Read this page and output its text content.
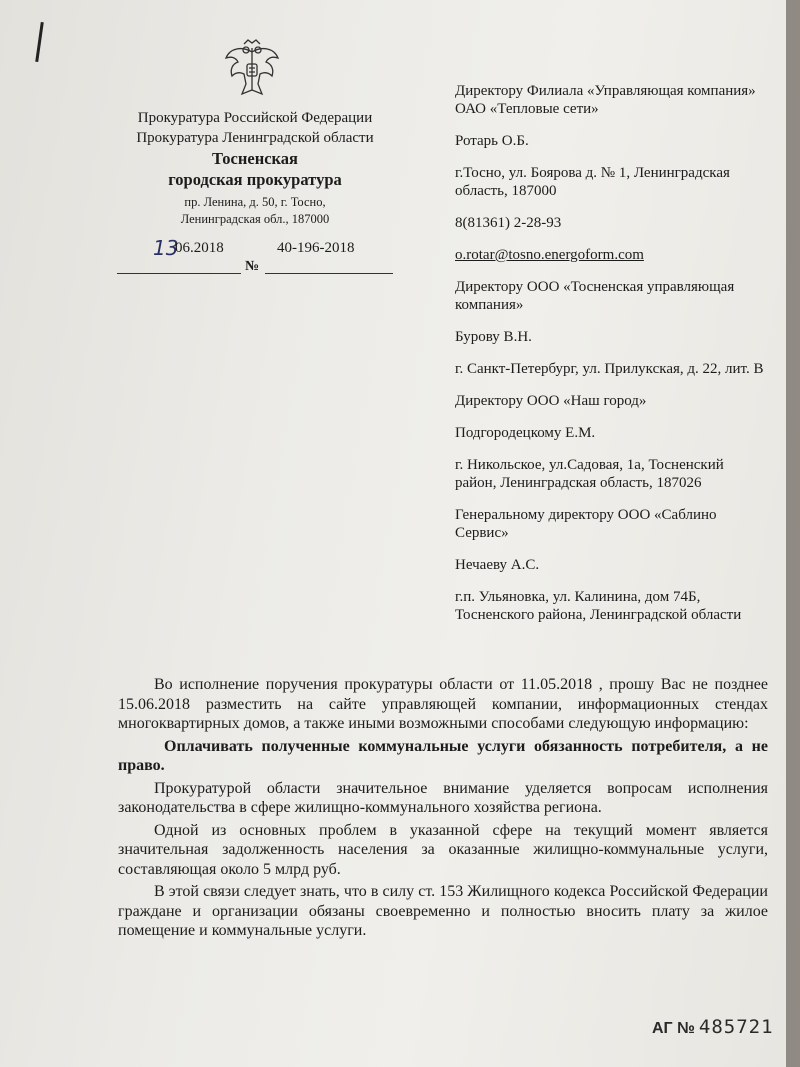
Прокуратура Российской Федерации
Прокуратура Ленинградской области
Тосненская
городская прокуратура
пр. Ленина, д. 50, г. Тосно,
Ленинградская обл., 187000
13
06.2018	40-196-2018
№

Директору Филиала «Управляющая компания» ОАО «Тепловые сети»

Ротарь О.Б.

г.Тосно, ул. Боярова д. № 1, Ленинградская область, 187000

8(81361) 2-28-93

o.rotar@tosno.energoform.com

Директору ООО «Тосненская управляющая компания»

Бурову В.Н.

г. Санкт-Петербург, ул. Прилукская, д. 22, лит. В

Директору ООО «Наш город»

Подгородецкому Е.М.

г. Никольское, ул.Садовая, 1а, Тосненский район, Ленинградская область, 187026

Генеральному директору ООО «Саблино Сервис»

Нечаеву А.С.

г.п. Ульяновка, ул. Калинина, дом 74Б, Тосненского района, Ленинградской области

Во исполнение поручения прокуратуры области от 11.05.2018 , прошу Вас не позднее 15.06.2018 разместить на сайте управляющей компании, информационных стендах многоквартирных домов, а также иными возможными способами следующую информацию:

Оплачивать полученные коммунальные услуги обязанность потребителя, а не право.

Прокуратурой области значительное внимание уделяется вопросам исполнения законодательства в сфере жилищно-коммунального хозяйства региона.

Одной из основных проблем в указанной сфере на текущий момент является значительная задолженность населения за оказанные жилищно-коммунальные услуги, составляющая около 5 млрд руб.

В этой связи следует знать, что в силу ст. 153 Жилищного кодекса Российской Федерации граждане и организации обязаны своевременно и полностью вносить плату за жилое помещение и коммунальные услуги.

АГ № 485721
